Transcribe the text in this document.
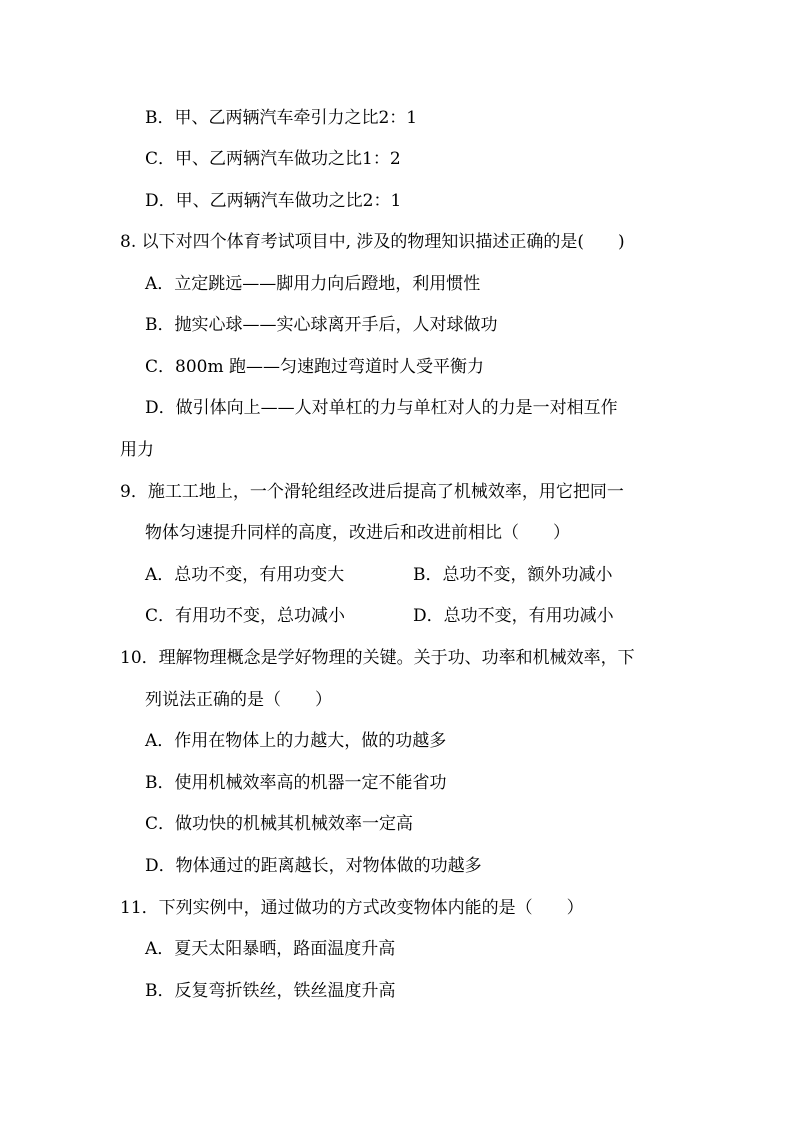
B．甲、乙两辆汽车牵引力之比2：1
C．甲、乙两辆汽车做功之比1：2
D．甲、乙两辆汽车做功之比2：1
8. 以下对四个体育考试项目中, 涉及的物理知识描述正确的是(　　)
A．立定跳远——脚用力向后蹬地，利用惯性
B．抛实心球——实心球离开手后，人对球做功
C．800m 跑——匀速跑过弯道时人受平衡力
D．做引体向上——人对单杠的力与单杠对人的力是一对相互作
用力
9．施工工地上，一个滑轮组经改进后提高了机械效率，用它把同一
物体匀速提升同样的高度，改进后和改进前相比（　　）
A．总功不变，有用功变大	B．总功不变，额外功减小
C．有用功不变，总功减小	D．总功不变，有用功减小
10．理解物理概念是学好物理的关键。关于功、功率和机械效率，下
列说法正确的是（　　）
A．作用在物体上的力越大，做的功越多
B．使用机械效率高的机器一定不能省功
C．做功快的机械其机械效率一定高
D．物体通过的距离越长，对物体做的功越多
11．下列实例中，通过做功的方式改变物体内能的是（　　）
A．夏天太阳暴晒，路面温度升高
B．反复弯折铁丝，铁丝温度升高
